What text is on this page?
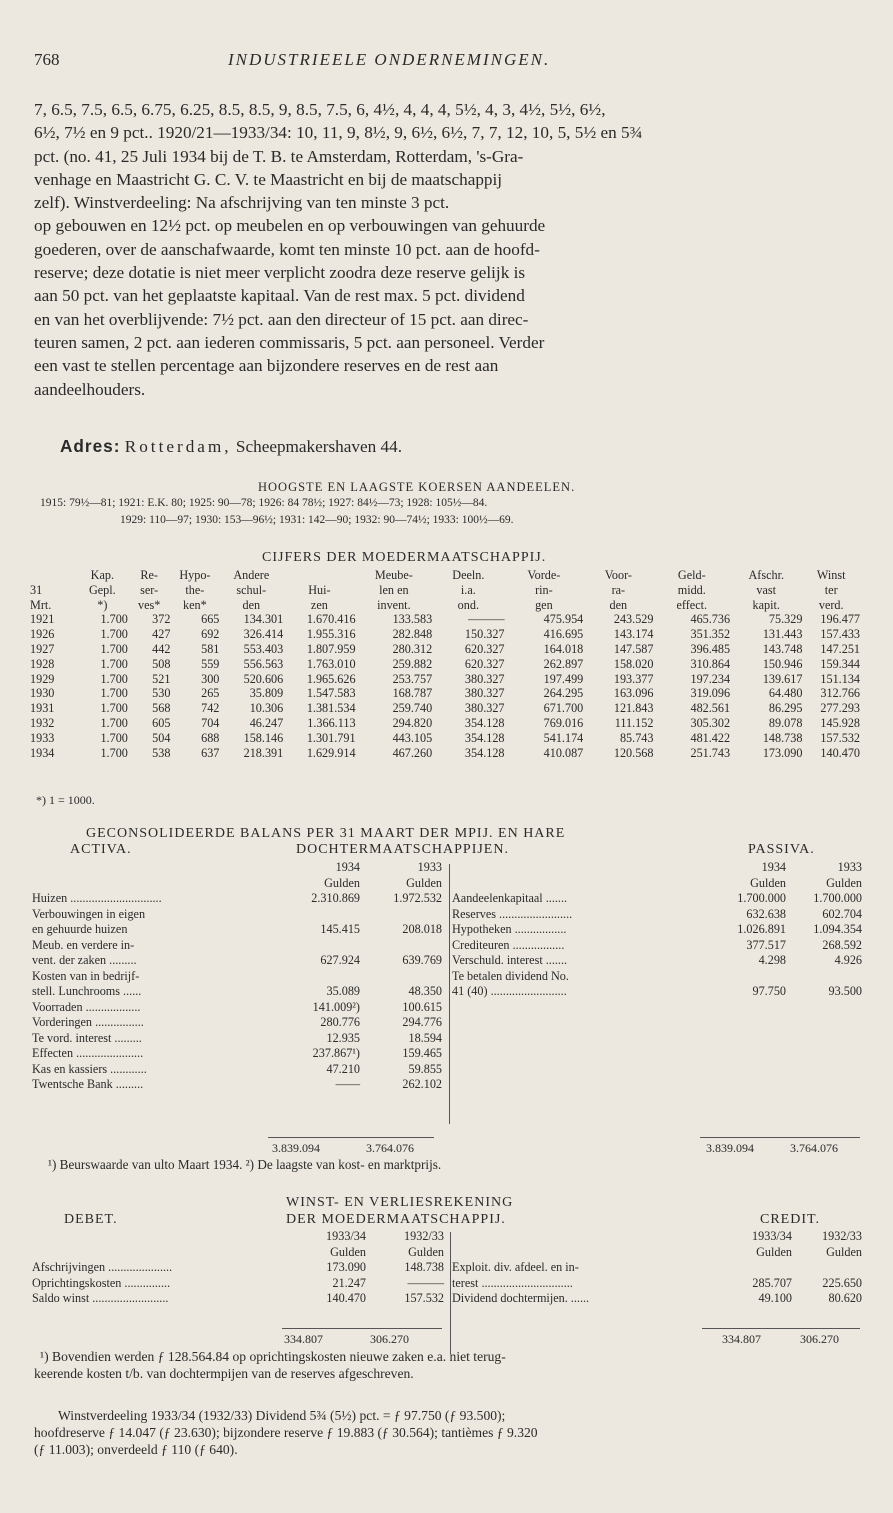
768	INDUSTRIEELE ONDERNEMINGEN.
7, 6.5, 7.5, 6.5, 6.75, 6.25, 8.5, 8.5, 9, 8.5, 7.5, 6, 4½, 4, 4, 4, 5½, 4, 3, 4½, 5½, 6½,
6½, 7½ en 9 pct.. 1920/21—1933/34: 10, 11, 9, 8½, 9, 6½, 6½, 7, 7, 12, 10, 5, 5½ en 5¾
pct. (no. 41, 25 Juli 1934 bij de T. B. te Amsterdam, Rotterdam, 's-Gra-
venhage en Maastricht G. C. V. te Maastricht en bij de maatschappij
zelf). Winstverdeeling: Na afschrijving van ten minste 3 pct.
op gebouwen en 12½ pct. op meubelen en op verbouwingen van gehuurde
goederen, over de aanschafwaarde, komt ten minste 10 pct. aan de hoofd-
reserve; deze dotatie is niet meer verplicht zoodra deze reserve gelijk is
aan 50 pct. van het geplaatste kapitaal. Van de rest max. 5 pct. dividend
en van het overblijvende: 7½ pct. aan den directeur of 15 pct. aan direc-
teuren samen, 2 pct. aan iederen commissaris, 5 pct. aan personeel. Verder
een vast te stellen percentage aan bijzondere reserves en de rest aan
aandeelhouders.
Adres: Rotterdam, Scheepmakershaven 44.
HOOGSTE EN LAAGSTE KOERSEN AANDEELEN.
1915: 79½—81; 1921: E.K. 80; 1925: 90—78; 1926: 84 78½; 1927: 84½—73; 1928: 105½—84.
1929: 110—97; 1930: 153—96½; 1931: 142—90; 1932: 90—74½; 1933: 100½—69.
CIJFERS DER MOEDERMAATSCHAPPIJ.
	Kap.	Re-	Hypo-	Andere		Meube-	Deeln.	Vorde-	Voor-	Geld-	Afschr.	Winst
31	Gepl.	ser-	the-	schul-	Hui-	len en	i.a.	rin-	ra-	midd.	vast	ter
Mrt.	*)	ves*	ken*	den	zen	invent.	ond.	gen	den	effect.	kapit.	verd.
1921	1.700	372	665	134.301	1.670.416	133.583	———	475.954	243.529	465.736	75.329	196.477
1926	1.700	427	692	326.414	1.955.316	282.848	150.327	416.695	143.174	351.352	131.443	157.433
1927	1.700	442	581	553.403	1.807.959	280.312	620.327	164.018	147.587	396.485	143.748	147.251
1928	1.700	508	559	556.563	1.763.010	259.882	620.327	262.897	158.020	310.864	150.946	159.344
1929	1.700	521	300	520.606	1.965.626	253.757	380.327	197.499	193.377	197.234	139.617	151.134
1930	1.700	530	265	35.809	1.547.583	168.787	380.327	264.295	163.096	319.096	64.480	312.766
1931	1.700	568	742	10.306	1.381.534	259.740	380.327	671.700	121.843	482.561	86.295	277.293
1932	1.700	605	704	46.247	1.366.113	294.820	354.128	769.016	111.152	305.302	89.078	145.928
1933	1.700	504	688	158.146	1.301.791	443.105	354.128	541.174	85.743	481.422	148.738	157.532
1934	1.700	538	637	218.391	1.629.914	467.260	354.128	410.087	120.568	251.743	173.090	140.470
*) 1 = 1000.
GECONSOLIDEERDE BALANS PER 31 MAART DER MPIJ. EN HARE
ACTIVA.	DOCHTERMAATSCHAPPIJEN.	PASSIVA.
	1934	1933
	Gulden	Gulden
Huizen ..............................	2.310.869	1.972.532
Verbouwingen in eigen		
en gehuurde huizen	145.415	208.018
Meub. en verdere in-		
vent. der zaken .........	627.924	639.769
Kosten van in bedrijf-		
stell. Lunchrooms ......	35.089	48.350
Voorraden ..................	141.009²)	100.615
Vorderingen ................	280.776	294.776
Te vord. interest .........	12.935	18.594
Effecten ......................	237.867¹)	159.465
Kas en kassiers ............	47.210	59.855
Twentsche Bank .........	——	262.102
	1934	1933
	Gulden	Gulden
Aandeelenkapitaal .......	1.700.000	1.700.000
Reserves ........................	632.638	602.704
Hypotheken .................	1.026.891	1.094.354
Crediteuren .................	377.517	268.592
Verschuld. interest .......	4.298	4.926
Te betalen dividend No.		
41 (40) .........................	97.750	93.500
3.839.094	3.764.076	3.839.094	3.764.076
¹) Beurswaarde van ulto Maart 1934. ²) De laagste van kost- en marktprijs.
WINST- EN VERLIESREKENING
DEBET.	DER MOEDERMAATSCHAPPIJ.	CREDIT.
	1933/34	1932/33
	Gulden	Gulden
Afschrijvingen .....................	173.090	148.738
Oprichtingskosten ...............	21.247	———
Saldo winst .........................	140.470	157.532
	1933/34	1932/33
	Gulden	Gulden
Exploit. div. afdeel. en in-		
terest ..............................	285.707	225.650
Dividend dochtermijen. ......	49.100	80.620
334.807	306.270	334.807	306.270
¹) Bovendien werden ƒ 128.564.84 op oprichtingskosten nieuwe zaken e.a. niet terug-
keerende kosten t/b. van dochtermpijen van de reserves afgeschreven.
Winstverdeeling 1933/34 (1932/33) Dividend 5¾ (5½) pct. = ƒ 97.750 (ƒ 93.500);
hoofdreserve ƒ 14.047 (ƒ 23.630); bijzondere reserve ƒ 19.883 (ƒ 30.564); tantièmes ƒ 9.320
(ƒ 11.003); onverdeeld ƒ 110 (ƒ 640).
